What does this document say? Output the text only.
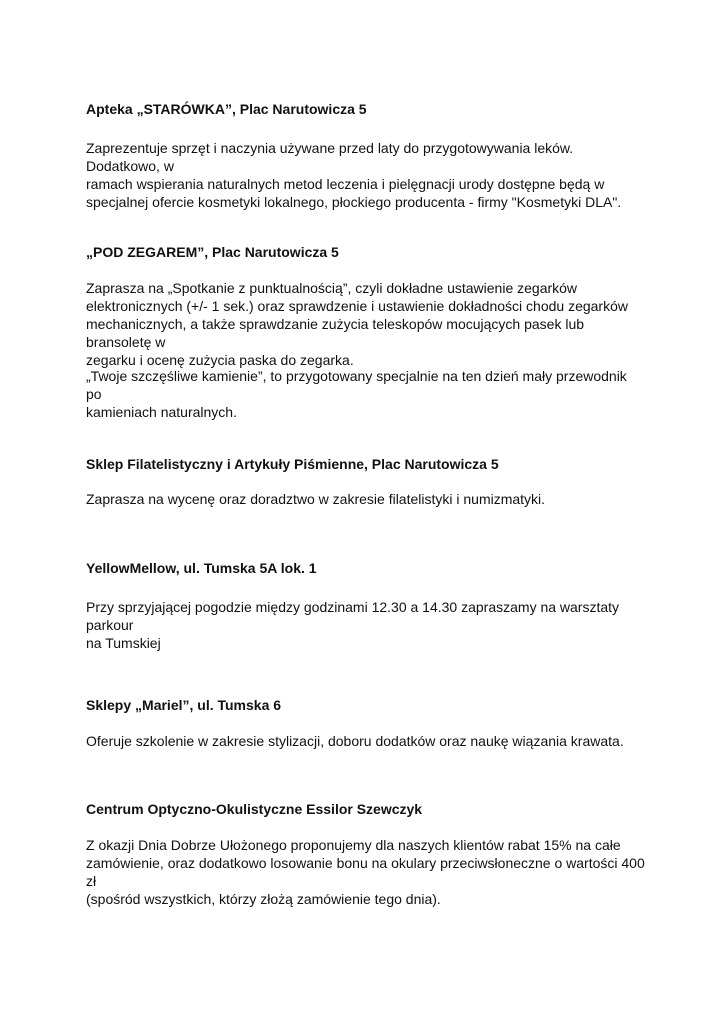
Apteka „STARÓWKA”, Plac Narutowicza 5

Zaprezentuje sprzęt i naczynia używane przed laty do przygotowywania leków. Dodatkowo, w
ramach wspierania naturalnych metod leczenia i pielęgnacji urody dostępne będą w
specjalnej ofercie kosmetyki lokalnego, płockiego producenta - firmy "Kosmetyki DLA".

„POD ZEGAREM”, Plac Narutowicza 5

Zaprasza na „Spotkanie z punktualnością”, czyli dokładne ustawienie zegarków
elektronicznych (+/- 1 sek.) oraz sprawdzenie i ustawienie dokładności chodu zegarków
mechanicznych, a także sprawdzanie zużycia teleskopów mocujących pasek lub bransoletę w
zegarku i ocenę zużycia paska do zegarka.

„Twoje szczęśliwe kamienie”, to przygotowany specjalnie na ten dzień mały przewodnik po
kamieniach naturalnych.

Sklep Filatelistyczny i Artykuły Piśmienne, Plac Narutowicza 5

Zaprasza na wycenę oraz doradztwo w zakresie filatelistyki i numizmatyki.

YellowMellow, ul. Tumska 5A lok. 1

Przy sprzyjającej pogodzie między godzinami 12.30 a 14.30 zapraszamy na warsztaty parkour
na Tumskiej

Sklepy „Mariel”, ul. Tumska 6

Oferuje szkolenie w zakresie stylizacji, doboru dodatków oraz naukę wiązania krawata.

Centrum Optyczno-Okulistyczne Essilor Szewczyk

Z okazji Dnia Dobrze Ułożonego proponujemy dla naszych klientów rabat 15% na całe
zamówienie, oraz dodatkowo losowanie bonu na okulary przeciwsłoneczne o wartości 400 zł
(spośród wszystkich, którzy złożą zamówienie tego dnia).
